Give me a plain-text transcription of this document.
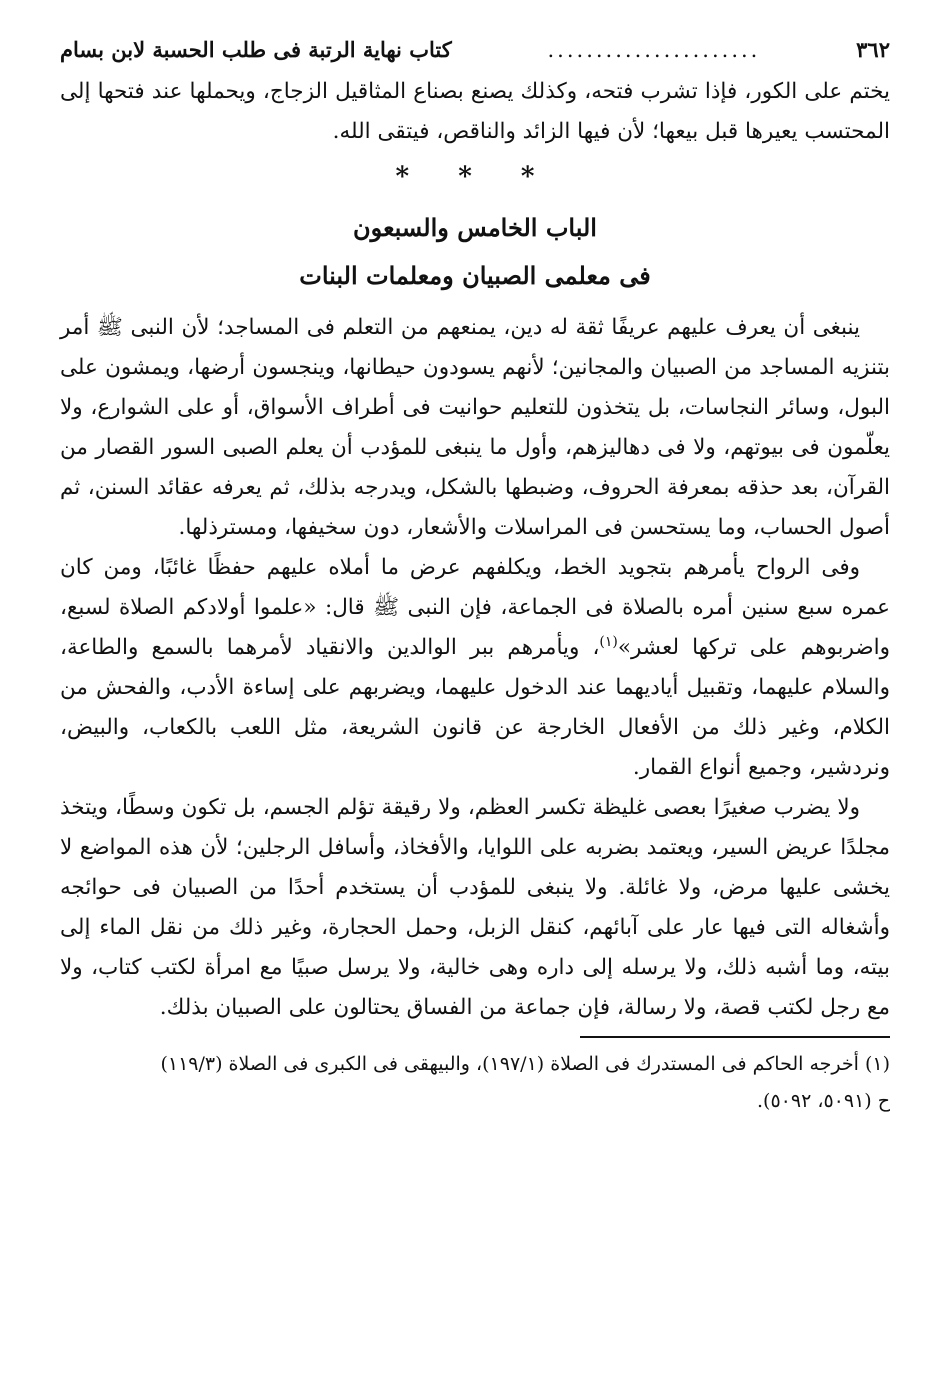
٣٦٢
......................
كتاب نهاية الرتبة فى طلب الحسبة لابن بسام

يختم على الكور، فإذا تشرب فتحه، وكذلك يصنع بصناع المثاقيل الزجاج، ويحملها عند فتحها إلى المحتسب يعيرها قبل بيعها؛ لأن فيها الزائد والناقص، فيتقى الله.

* * *
الباب الخامس والسبعون
فى معلمى الصبيان ومعلمات البنات

ينبغى أن يعرف عليهم عريفًا ثقة له دين، يمنعهم من التعلم فى المساجد؛ لأن النبى ﷺ أمر بتنزيه المساجد من الصبيان والمجانين؛ لأنهم يسودون حيطانها، وينجسون أرضها، ويمشون على البول، وسائر النجاسات، بل يتخذون للتعليم حوانيت فى أطراف الأسواق، أو على الشوارع، ولا يعلّمون فى بيوتهم، ولا فى دهاليزهم، وأول ما ينبغى للمؤدب أن يعلم الصبى السور القصار من القرآن، بعد حذقه بمعرفة الحروف، وضبطها بالشكل، ويدرجه بذلك، ثم يعرفه عقائد السنن، ثم أصول الحساب، وما يستحسن فى المراسلات والأشعار، دون سخيفها، ومسترذلها.

وفى الرواح يأمرهم بتجويد الخط، ويكلفهم عرض ما أملاه عليهم حفظًا غائبًا، ومن كان عمره سبع سنين أمره بالصلاة فى الجماعة، فإن النبى ﷺ قال: «علموا أولادكم الصلاة لسبع، واضربوهم على تركها لعشر»$^{(١)}$، ويأمرهم ببر الوالدين والانقياد لأمرهما بالسمع والطاعة، والسلام عليهما، وتقبيل أياديهما عند الدخول عليهما، ويضربهم على إساءة الأدب، والفحش من الكلام، وغير ذلك من الأفعال الخارجة عن قانون الشريعة، مثل اللعب بالكعاب، والبيض، ونردشير، وجميع أنواع القمار.

ولا يضرب صغيرًا بعصى غليظة تكسر العظم، ولا رقيقة تؤلم الجسم، بل تكون وسطًا، ويتخذ مجلدًا عريض السير، ويعتمد بضربه على اللوايا، والأفخاذ، وأسافل الرجلين؛ لأن هذه المواضع لا يخشى عليها مرض، ولا غائلة. ولا ينبغى للمؤدب أن يستخدم أحدًا من الصبيان فى حوائجه وأشغاله التى فيها عار على آبائهم، كنقل الزبل، وحمل الحجارة، وغير ذلك من نقل الماء إلى بيته، وما أشبه ذلك، ولا يرسله إلى داره وهى خالية، ولا يرسل صبيًا مع امرأة لكتب كتاب، ولا مع رجل لكتب قصة، ولا رسالة، فإن جماعة من الفساق يحتالون على الصبيان بذلك.

(١) أخرجه الحاكم فى المستدرك فى الصلاة (١٩٧/١)، والبيهقى فى الكبرى فى الصلاة (١١٩/٣)

ح (٥٠٩١، ٥٠٩٢).
